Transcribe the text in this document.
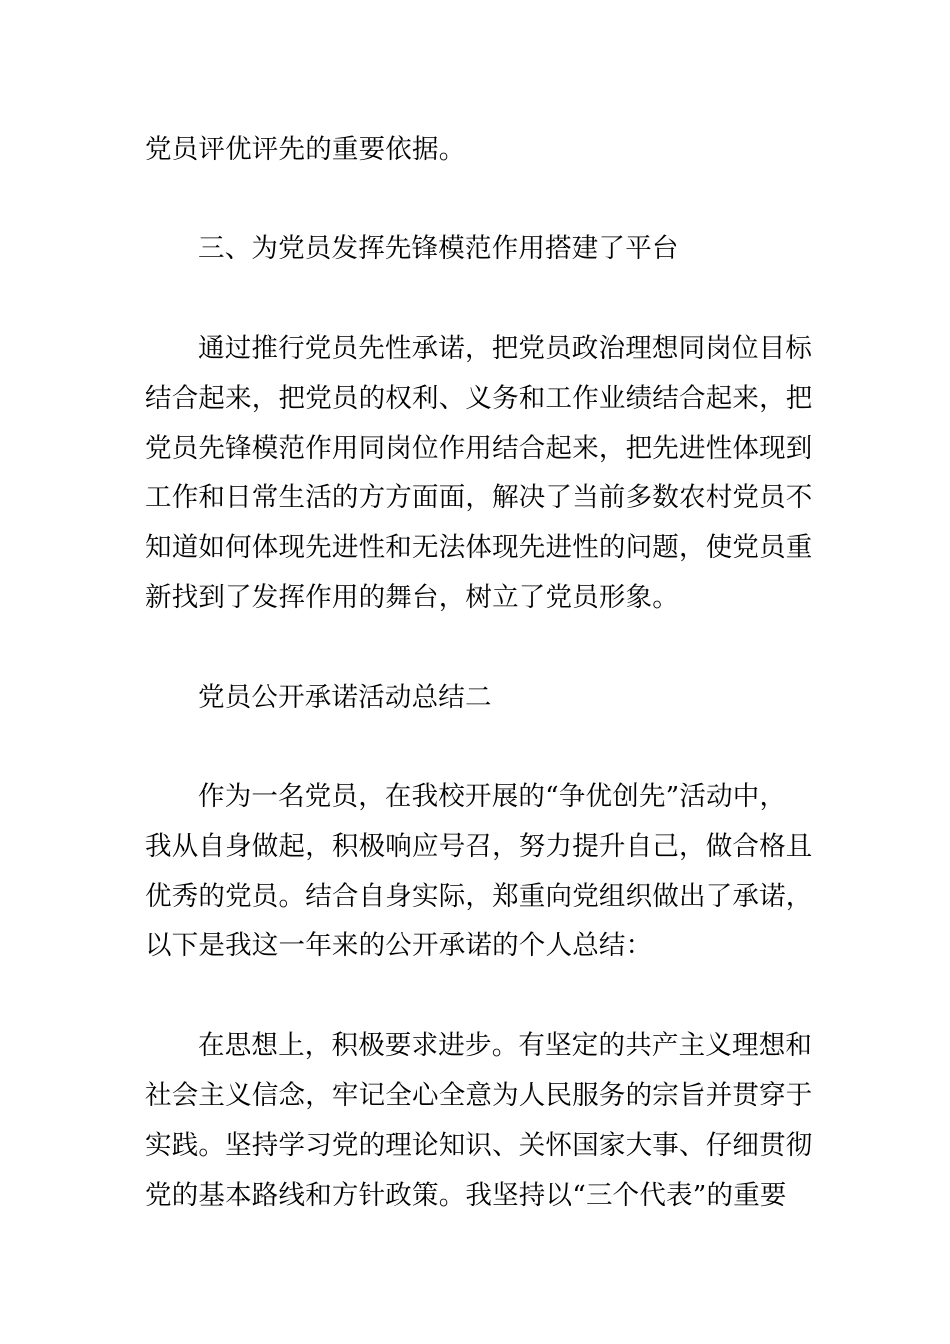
党员评优评先的重要依据。
三、为党员发挥先锋模范作用搭建了平台
通过推行党员先性承诺，把党员政治理想同岗位目标
结合起来，把党员的权利、义务和工作业绩结合起来，把
党员先锋模范作用同岗位作用结合起来，把先进性体现到
工作和日常生活的方方面面，解决了当前多数农村党员不
知道如何体现先进性和无法体现先进性的问题，使党员重
新找到了发挥作用的舞台，树立了党员形象。
党员公开承诺活动总结二
作为一名党员，在我校开展的“争优创先”活动中，
我从自身做起，积极响应号召，努力提升自己，做合格且
优秀的党员。结合自身实际，郑重向党组织做出了承诺，
以下是我这一年来的公开承诺的个人总结：
在思想上，积极要求进步。有坚定的共产主义理想和
社会主义信念，牢记全心全意为人民服务的宗旨并贯穿于
实践。坚持学习党的理论知识、关怀国家大事、仔细贯彻
党的基本路线和方针政策。我坚持以“三个代表”的重要
